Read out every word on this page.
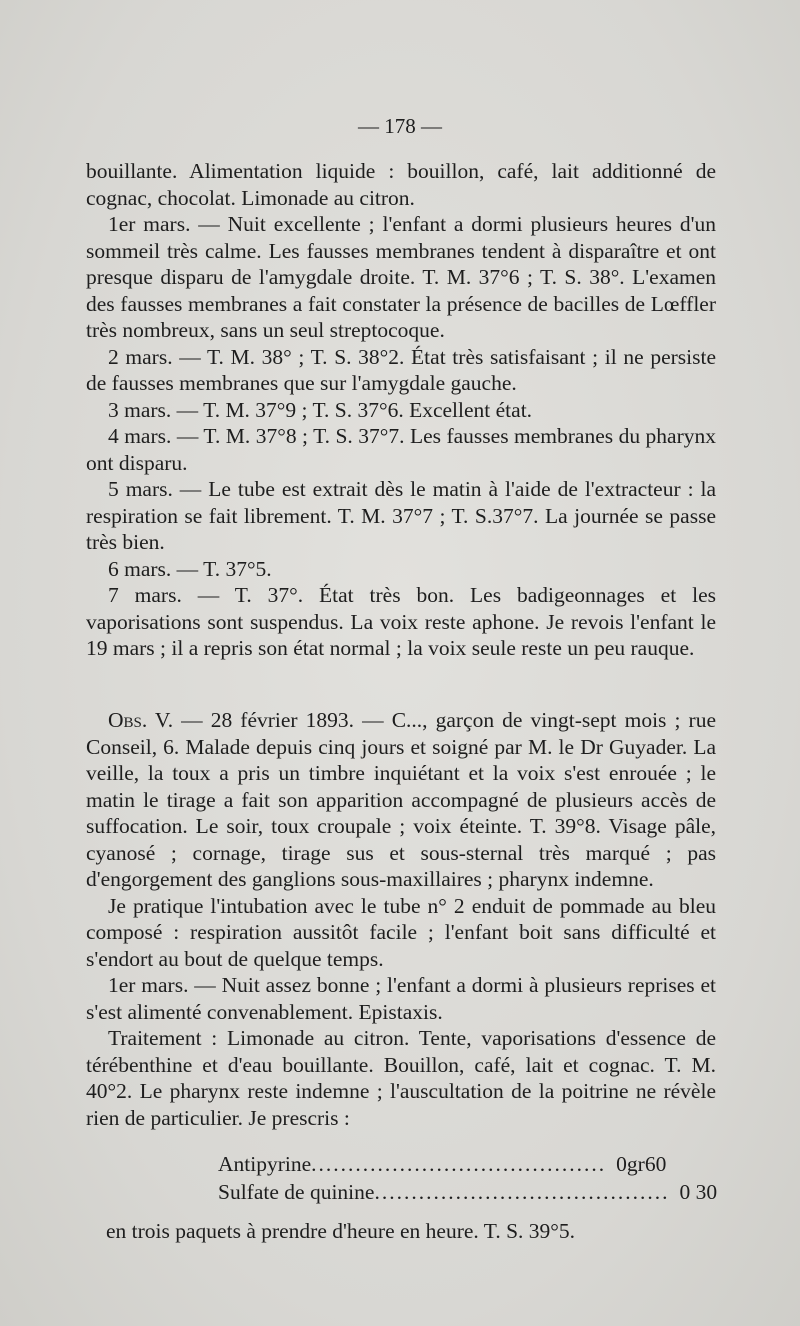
— 178 —

bouillante. Alimentation liquide : bouillon, café, lait additionné de cognac, chocolat. Limonade au citron.

1er mars. — Nuit excellente ; l'enfant a dormi plusieurs heures d'un sommeil très calme. Les fausses membranes tendent à disparaître et ont presque disparu de l'amygdale droite. T. M. 37°6 ; T. S. 38°. L'examen des fausses membranes a fait constater la présence de bacilles de Lœffler très nombreux, sans un seul streptocoque.

2 mars. — T. M. 38° ; T. S. 38°2. État très satisfaisant ; il ne persiste de fausses membranes que sur l'amygdale gauche.

3 mars. — T. M. 37°9 ; T. S. 37°6. Excellent état.

4 mars. — T. M. 37°8 ; T. S. 37°7. Les fausses membranes du pharynx ont disparu.

5 mars. — Le tube est extrait dès le matin à l'aide de l'extracteur : la respiration se fait librement. T. M. 37°7 ; T. S.37°7. La journée se passe très bien.

6 mars. — T. 37°5.

7 mars. — T. 37°. État très bon. Les badigeonnages et les vaporisations sont suspendus. La voix reste aphone. Je revois l'enfant le 19 mars ; il a repris son état normal ; la voix seule reste un peu rauque.

Obs. V. — 28 février 1893. — C..., garçon de vingt-sept mois ; rue Conseil, 6. Malade depuis cinq jours et soigné par M. le Dr Guyader. La veille, la toux a pris un timbre inquiétant et la voix s'est enrouée ; le matin le tirage a fait son apparition accompagné de plusieurs accès de suffocation. Le soir, toux croupale ; voix éteinte. T. 39°8. Visage pâle, cyanosé ; cornage, tirage sus et sous-sternal très marqué ; pas d'engorgement des ganglions sous-maxillaires ; pharynx indemne.

Je pratique l'intubation avec le tube n° 2 enduit de pommade au bleu composé : respiration aussitôt facile ; l'enfant boit sans difficulté et s'endort au bout de quelque temps.

1er mars. — Nuit assez bonne ; l'enfant a dormi à plusieurs reprises et s'est alimenté convenablement. Epistaxis.

Traitement : Limonade au citron. Tente, vaporisations d'essence de térébenthine et d'eau bouillante. Bouillon, café, lait et cognac. T. M. 40°2. Le pharynx reste indemne ; l'auscultation de la poitrine ne révèle rien de particulier. Je prescris :

Antipyrine ........................................ 0gr60
Sulfate de quinine ........................................ 0 30
en trois paquets à prendre d'heure en heure. T. S. 39°5.
